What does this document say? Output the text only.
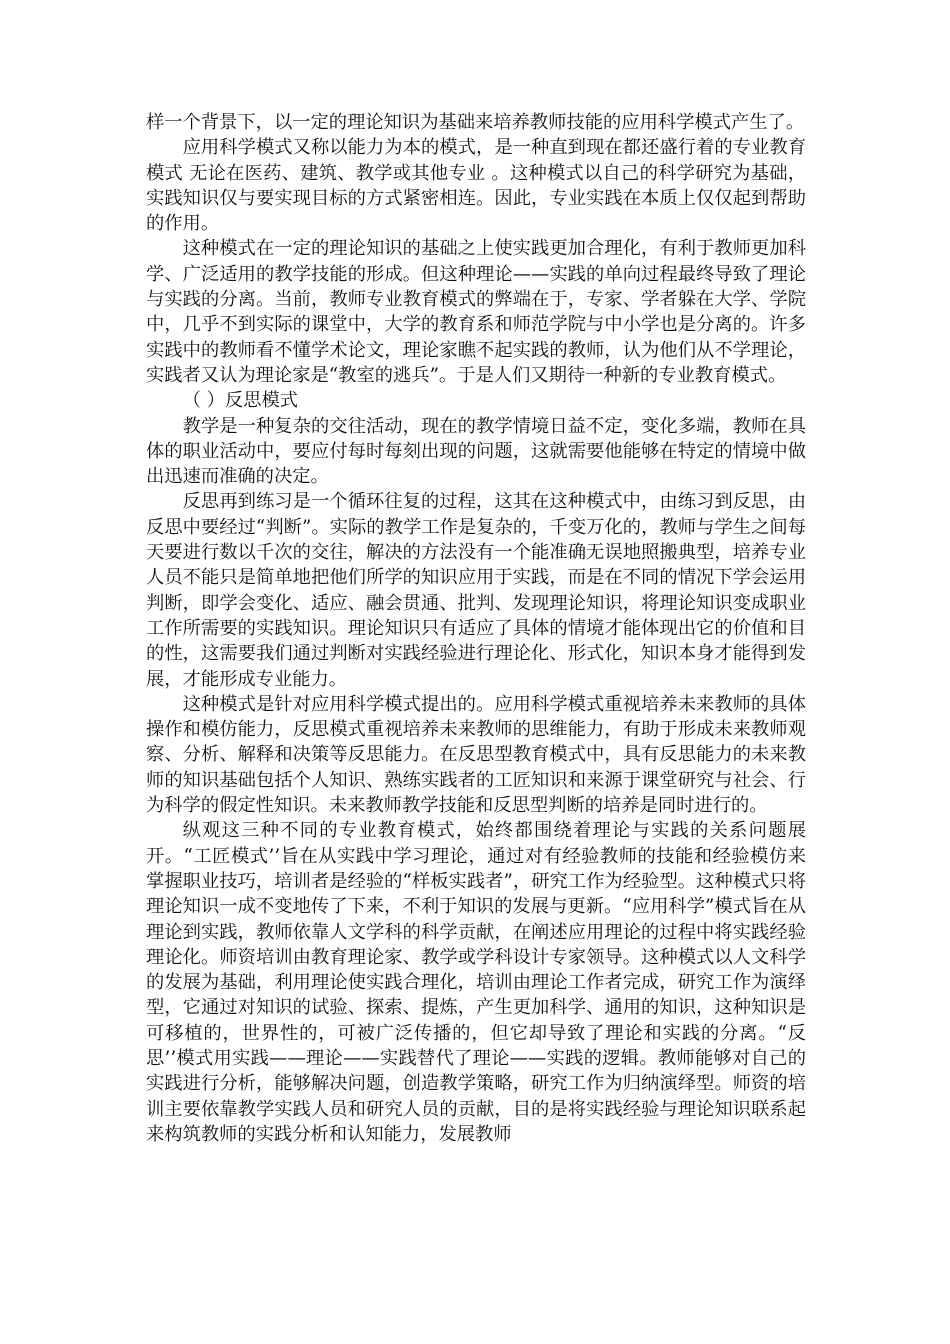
样一个背景下，以一定的理论知识为基础来培养教师技能的应用科学模式产生了。

应用科学模式又称以能力为本的模式，是一种直到现在都还盛行着的专业教育模式 无论在医药、建筑、教学或其他专业 。这种模式以自己的科学研究为基础，实践知识仅与要实现目标的方式紧密相连。因此，专业实践在本质上仅仅起到帮助的作用。

这种模式在一定的理论知识的基础之上使实践更加合理化，有利于教师更加科学、广泛适用的教学技能的形成。但这种理论——实践的单向过程最终导致了理论与实践的分离。当前，教师专业教育模式的弊端在于，专家、学者躲在大学、学院中，几乎不到实际的课堂中，大学的教育系和师范学院与中小学也是分离的。许多实践中的教师看不懂学术论文，理论家瞧不起实践的教师，认为他们从不学理论，实践者又认为理论家是“教室的逃兵”。于是人们又期待一种新的专业教育模式。

（ ）反思模式

教学是一种复杂的交往活动，现在的教学情境日益不定，变化多端，教师在具体的职业活动中，要应付每时每刻出现的问题，这就需要他能够在特定的情境中做出迅速而准确的决定。

反思再到练习是一个循环往复的过程，这其在这种模式中，由练习到反思，由反思中要经过“判断”。实际的教学工作是复杂的，千变万化的，教师与学生之间每天要进行数以千次的交往，解决的方法没有一个能准确无误地照搬典型，培养专业人员不能只是简单地把他们所学的知识应用于实践，而是在不同的情况下学会运用判断，即学会变化、适应、融会贯通、批判、发现理论知识，将理论知识变成职业工作所需要的实践知识。理论知识只有适应了具体的情境才能体现出它的价值和目的性，这需要我们通过判断对实践经验进行理论化、形式化，知识本身才能得到发展，才能形成专业能力。

这种模式是针对应用科学模式提出的。应用科学模式重视培养未来教师的具体操作和模仿能力，反思模式重视培养未来教师的思维能力，有助于形成未来教师观察、分析、解释和决策等反思能力。在反思型教育模式中，具有反思能力的未来教师的知识基础包括个人知识、熟练实践者的工匠知识和来源于课堂研究与社会、行为科学的假定性知识。未来教师教学技能和反思型判断的培养是同时进行的。

纵观这三种不同的专业教育模式，始终都围绕着理论与实践的关系问题展开。“工匠模式’’旨在从实践中学习理论，通过对有经验教师的技能和经验模仿来掌握职业技巧，培训者是经验的“样板实践者”，研究工作为经验型。这种模式只将理论知识一成不变地传了下来，不利于知识的发展与更新。“应用科学”模式旨在从理论到实践，教师依靠人文学科的科学贡献，在阐述应用理论的过程中将实践经验理论化。师资培训由教育理论家、教学或学科设计专家领导。这种模式以人文科学的发展为基础，利用理论使实践合理化，培训由理论工作者完成，研究工作为演绎型，它通过对知识的试验、探索、提炼，产生更加科学、通用的知识，这种知识是可移植的，世界性的，可被广泛传播的，但它却导致了理论和实践的分离。“反思’’模式用实践——理论——实践替代了理论——实践的逻辑。教师能够对自己的实践进行分析，能够解决问题，创造教学策略，研究工作为归纳演绎型。师资的培训主要依靠教学实践人员和研究人员的贡献，目的是将实践经验与理论知识联系起来构筑教师的实践分析和认知能力，发展教师
